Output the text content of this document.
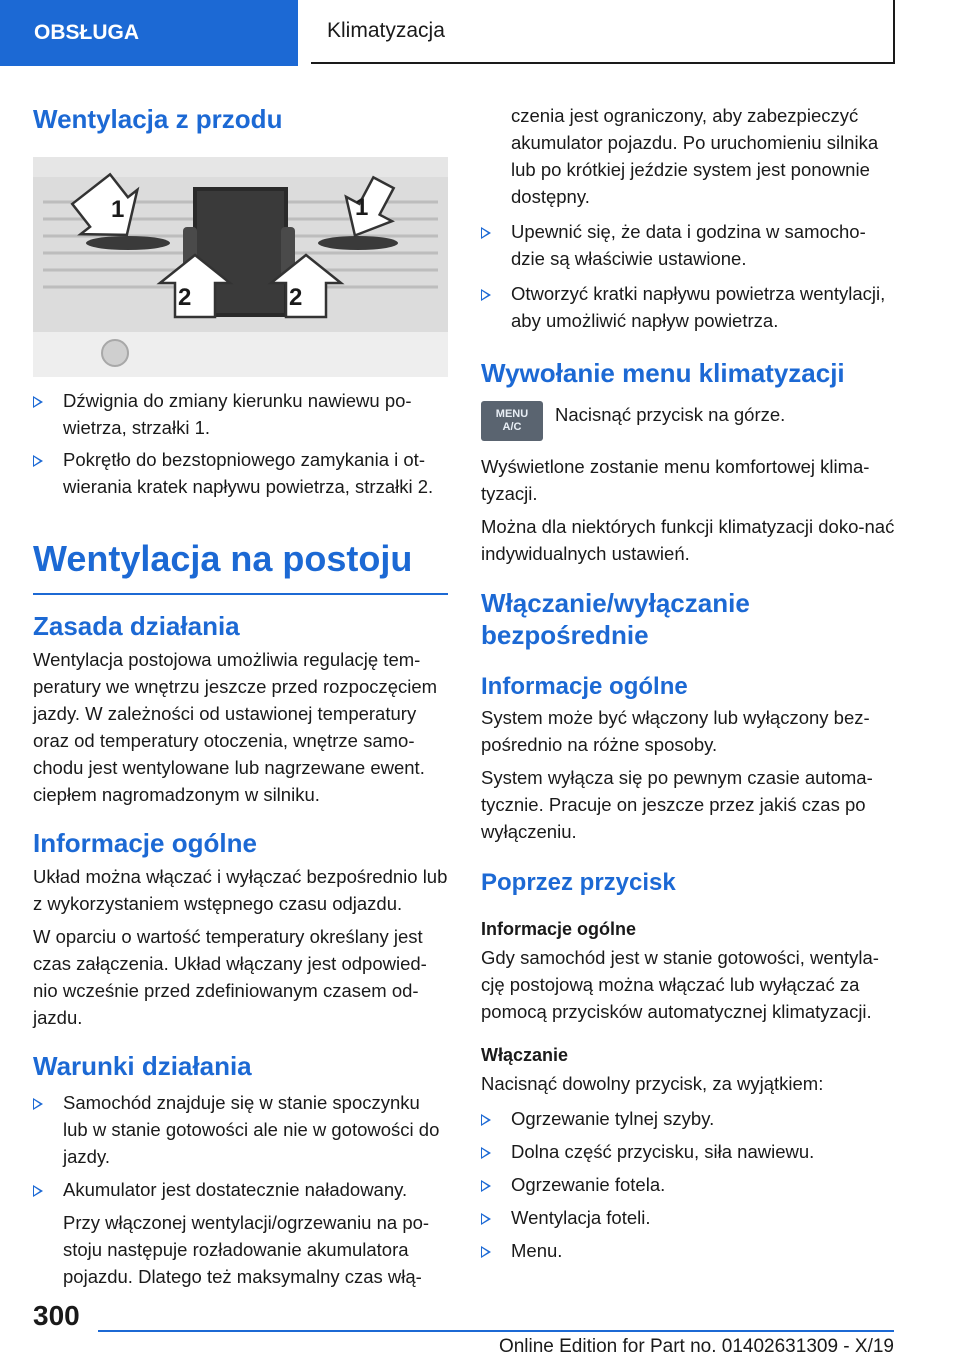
OBSŁUGA	Klimatyzacja
Wentylacja z przodu
1	1
2	2
Dźwignia do zmiany kierunku nawiewu po‐wietrza, strzałki 1.
Pokrętło do bezstopniowego zamykania i ot‐wierania kratek napływu powietrza, strzałki 2.
Wentylacja na postoju
Zasada działania

Wentylacja postojowa umożliwia regulację tem‐peratury we wnętrzu jeszcze przed rozpoczęciem jazdy. W zależności od ustawionej temperatury oraz od temperatury otoczenia, wnętrze samo‐chodu jest wentylowane lub nagrzewane ewent. ciepłem nagromadzonym w silniku.

Informacje ogólne

Układ można włączać i wyłączać bezpośrednio lub z wykorzystaniem wstępnego czasu odjazdu.

W oparciu o wartość temperatury określany jest czas załączenia. Układ włączany jest odpowied‐nio wcześnie przed zdefiniowanym czasem od‐jazdu.

Warunki działania
Samochód znajduje się w stanie spoczynku lub w stanie gotowości ale nie w gotowości do jazdy.
Akumulator jest dostatecznie naładowany.
Przy włączonej wentylacji/ogrzewaniu na po‐stoju następuje rozładowanie akumulatora pojazdu. Dlatego też maksymalny czas włą‐
czenia jest ograniczony, aby zabezpieczyć akumulator pojazdu. Po uruchomieniu silnika lub po krótkiej jeździe system jest ponownie dostępny.
Upewnić się, że data i godzina w samocho‐dzie są właściwie ustawione.
Otworzyć kratki napływu powietrza wentylacji, aby umożliwić napływ powietrza.
Wywołanie menu klimatyzacji
MENU
A/C

Nacisnąć przycisk na górze.

Wyświetlone zostanie menu komfortowej klima‐tyzacji.

Można dla niektórych funkcji klimatyzacji doko‐nać indywidualnych ustawień.

Włączanie/wyłączanie bezpośrednie
Informacje ogólne

System może być włączony lub wyłączony bez‐pośrednio na różne sposoby.

System wyłącza się po pewnym czasie automa‐tycznie. Pracuje on jeszcze przez jakiś czas po wyłączeniu.

Poprzez przycisk
Informacje ogólne

Gdy samochód jest w stanie gotowości, wentyla‐cję postojową można włączać lub wyłączać za pomocą przycisków automatycznej klimatyzacji.

Włączanie

Nacisnąć dowolny przycisk, za wyjątkiem:

Ogrzewanie tylnej szyby.
Dolna część przycisku, siła nawiewu.
Ogrzewanie fotela.
Wentylacja foteli.
Menu.
300
Online Edition for Part no. 01402631309 - X/19
